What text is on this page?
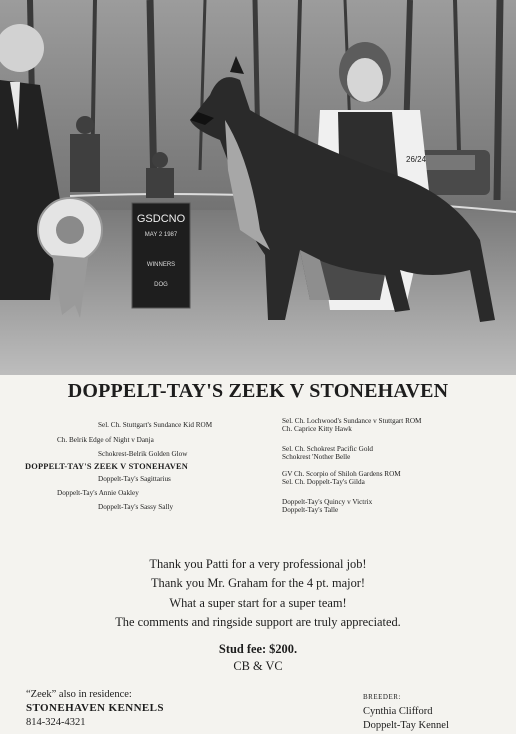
GSDCNO
MAY 2 1987
WINNERS
DOG
26/24
DOPPELT-TAY'S ZEEK V STONEHAVEN
Sel. Ch. Stuttgart's Sundance Kid ROM
Ch. Belrik Edge of Night v Danja
Schokrest-Belrik Golden Glow
DOPPELT-TAY'S ZEEK V STONEHAVEN
Doppelt-Tay's Sagittarius
Doppelt-Tay's Annie Oakley
Doppelt-Tay's Sassy Sally
Sel. Ch. Lochwood's Sundance v Stuttgart ROM
Ch. Caprice Kitty Hawk
Sel. Ch. Schokrest Pacific Gold
Schokrest 'Nother Belle
GV Ch. Scorpio of Shiloh Gardens ROM
Sel. Ch. Doppelt-Tay's Gilda
Doppelt-Tay's Quincy v Victrix
Doppelt-Tay's Talle
Thank you Patti for a very professional job!
Thank you Mr. Graham for the 4 pt. major!
What a super start for a super team!
The comments and ringside support are truly appreciated.
Stud fee: $200.
CB & VC
“Zeek” also in residence:
STONEHAVEN KENNELS
814-324-4321
BREEDER:
Cynthia Clifford
Doppelt-Tay Kennel
